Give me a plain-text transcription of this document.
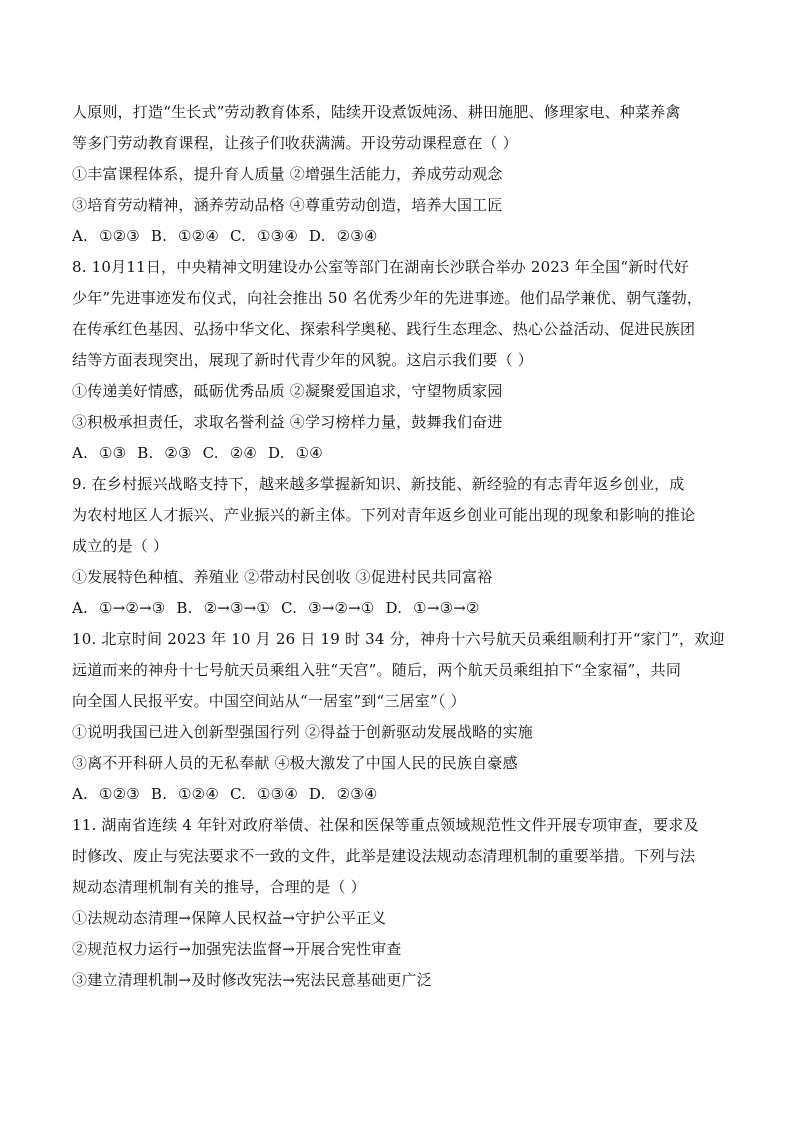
人原则，打造“生长式”劳动教育体系，陆续开设煮饭炖汤、耕田施肥、修理家电、种菜养禽
等多门劳动教育课程，让孩子们收获满满。开设劳动课程意在（ ）
①丰富课程体系，提升育人质量 ②增强生活能力，养成劳动观念
③培育劳动精神，涵养劳动品格 ④尊重劳动创造，培养大国工匠
A. ①②③ B. ①②④ C. ①③④ D. ②③④
8. 10月11日，中央精神文明建设办公室等部门在湖南长沙联合举办 2023 年全国“新时代好
少年”先进事迹发布仪式，向社会推出 50 名优秀少年的先进事迹。他们品学兼优、朝气蓬勃，
在传承红色基因、弘扬中华文化、探索科学奥秘、践行生态理念、热心公益活动、促进民族团
结等方面表现突出，展现了新时代青少年的风貌。这启示我们要（ ）
①传递美好情感，砥砺优秀品质 ②凝聚爱国追求，守望物质家园
③积极承担责任，求取名誉利益 ④学习榜样力量，鼓舞我们奋进
A. ①③ B. ②③ C. ②④ D. ①④
9. 在乡村振兴战略支持下，越来越多掌握新知识、新技能、新经验的有志青年返乡创业，成
为农村地区人才振兴、产业振兴的新主体。下列对青年返乡创业可能出现的现象和影响的推论
成立的是（ ）
①发展特色种植、养殖业 ②带动村民创收 ③促进村民共同富裕
A. ①→②→③ B. ②→③→① C. ③→②→① D. ①→③→②
10. 北京时间 2023 年 10 月 26 日 19 时 34 分，神舟十六号航天员乘组顺利打开“家门”，欢迎
远道而来的神舟十七号航天员乘组入驻“天宫”。随后，两个航天员乘组拍下“全家福”，共同
向全国人民报平安。中国空间站从“一居室”到“三居室”（ ）
①说明我国已进入创新型强国行列 ②得益于创新驱动发展战略的实施
③离不开科研人员的无私奉献 ④极大激发了中国人民的民族自豪感
A. ①②③ B. ①②④ C. ①③④ D. ②③④
11. 湖南省连续 4 年针对政府举债、社保和医保等重点领域规范性文件开展专项审查，要求及
时修改、废止与宪法要求不一致的文件，此举是建设法规动态清理机制的重要举措。下列与法
规动态清理机制有关的推导，合理的是（ ）
①法规动态清理→保障人民权益→守护公平正义
②规范权力运行→加强宪法监督→开展合宪性审查
③建立清理机制→及时修改宪法→宪法民意基础更广泛
